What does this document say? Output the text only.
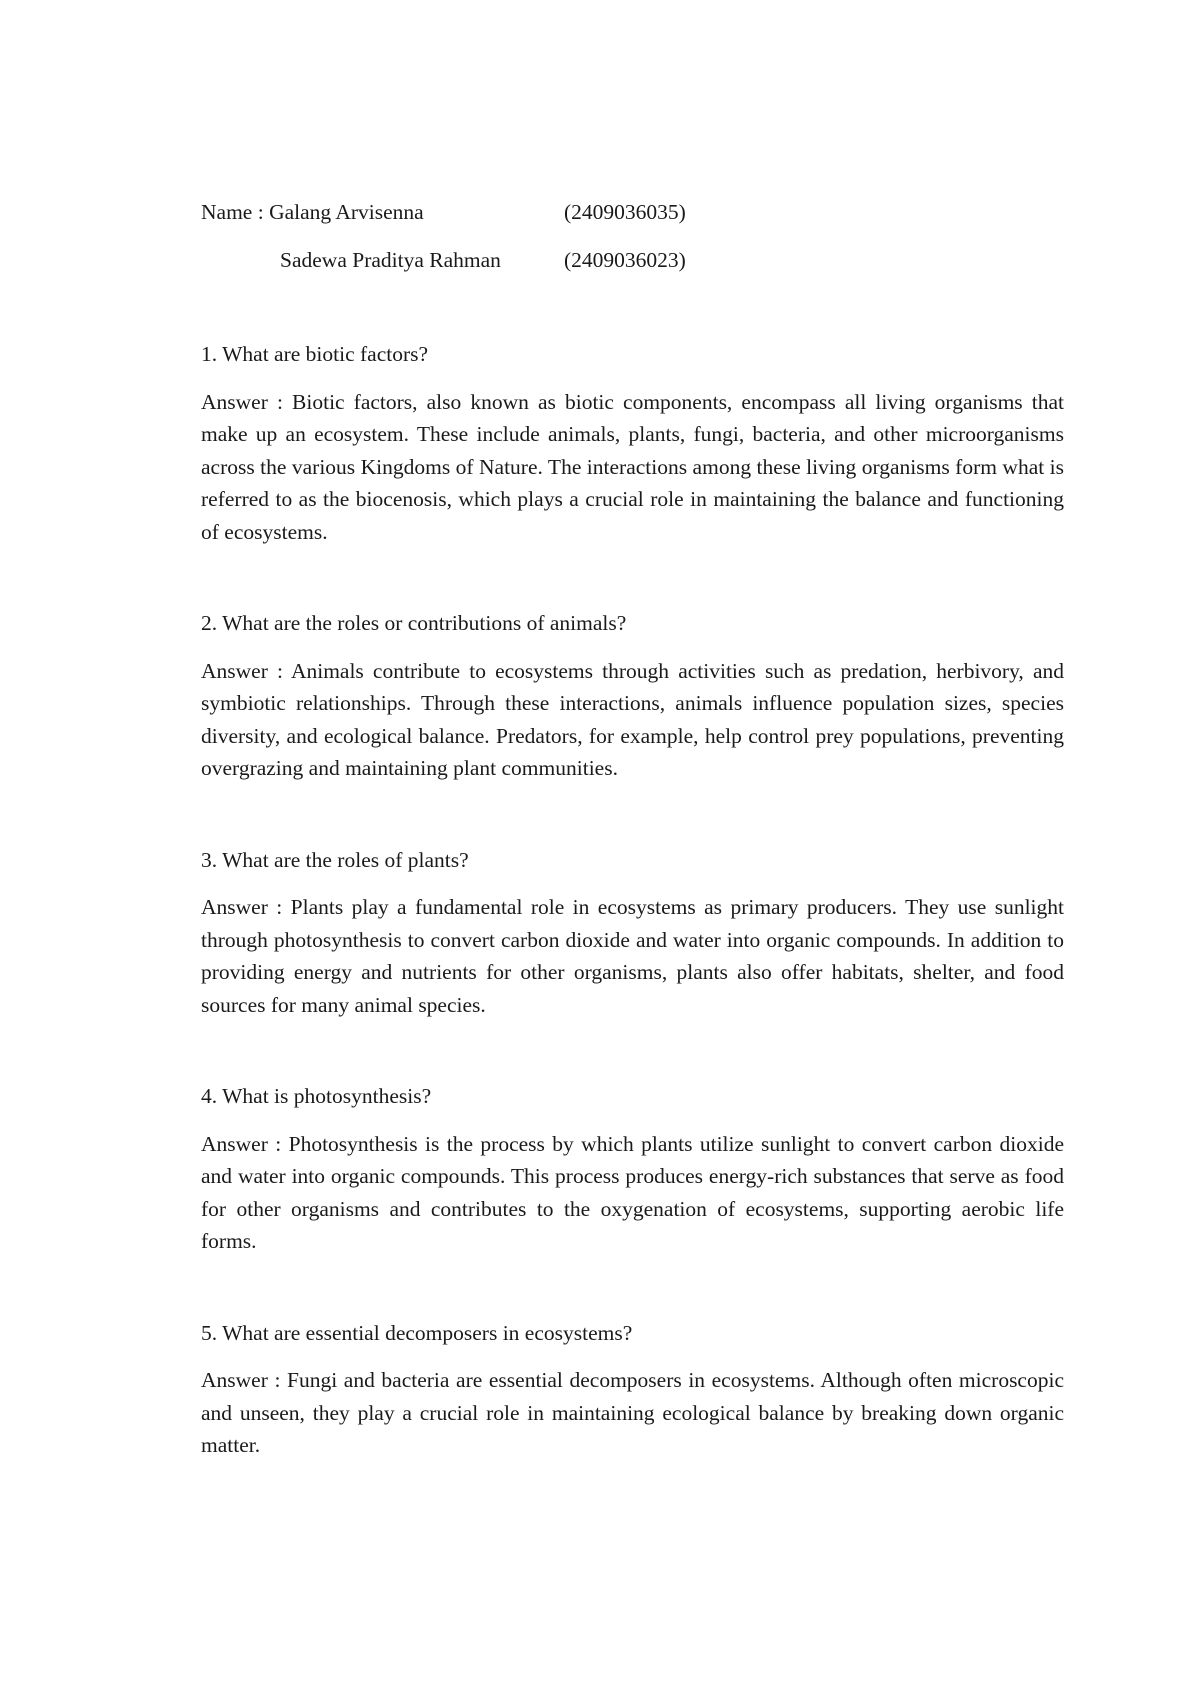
Name : Galang Arvisenna	(2409036035)
Sadewa Praditya Rahman	(2409036023)

1. What are biotic factors?

Answer : Biotic factors, also known as biotic components, encompass all living organisms that make up an ecosystem. These include animals, plants, fungi, bacteria, and other microorganisms across the various Kingdoms of Nature. The interactions among these living organisms form what is referred to as the biocenosis, which plays a crucial role in maintaining the balance and functioning of ecosystems.

2. What are the roles or contributions of animals?

Answer : Animals contribute to ecosystems through activities such as predation, herbivory, and symbiotic relationships. Through these interactions, animals influence population sizes, species diversity, and ecological balance. Predators, for example, help control prey populations, preventing overgrazing and maintaining plant communities.

3. What are the roles of plants?

Answer : Plants play a fundamental role in ecosystems as primary producers. They use sunlight through photosynthesis to convert carbon dioxide and water into organic compounds. In addition to providing energy and nutrients for other organisms, plants also offer habitats, shelter, and food sources for many animal species.

4. What is photosynthesis?

Answer : Photosynthesis is the process by which plants utilize sunlight to convert carbon dioxide and water into organic compounds. This process produces energy-rich substances that serve as food for other organisms and contributes to the oxygenation of ecosystems, supporting aerobic life forms.

5. What are essential decomposers in ecosystems?

Answer : Fungi and bacteria are essential decomposers in ecosystems. Although often microscopic and unseen, they play a crucial role in maintaining ecological balance by breaking down organic matter.
